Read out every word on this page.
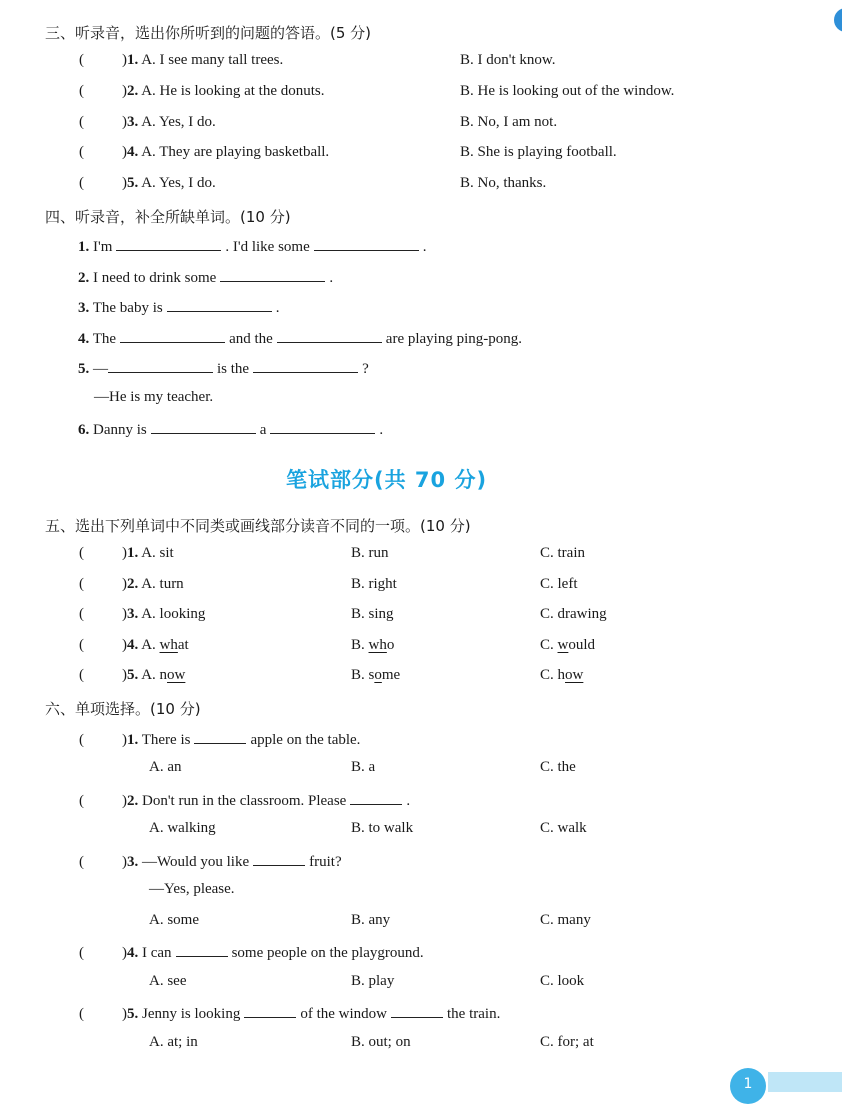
三、听录音，选出你所听到的问题的答语。(5 分)
(	)1. A. I see many tall trees.	B. I don't know.
(	)2. A. He is looking at the donuts.	B. He is looking out of the window.
(	)3. A. Yes, I do.	B. No, I am not.
(	)4. A. They are playing basketball.	B. She is playing football.
(	)5. A. Yes, I do.	B. No, thanks.
四、听录音，补全所缺单词。(10 分)
1. I'm	. I'd like some	.
2. I need to drink some	.
3. The baby is	.
4. The	and the	are playing ping-pong.
5. —	is the	?
—He is my teacher.
6. Danny is	a	.
笔试部分(共 70 分)
五、选出下列单词中不同类或画线部分读音不同的一项。(10 分)
(	)1. A. sit	B. run	C. train
(	)2. A. turn	B. right	C. left
(	)3. A. looking	B. sing	C. drawing
(	)4. A. what	B. who	C. would
(	)5. A. now	B. some	C. how
六、单项选择。(10 分)
(	)1. There is	apple on the table.
A. an	B. a	C. the
(	)2. Don't run in the classroom. Please	.
A. walking	B. to walk	C. walk
(	)3. —Would you like	fruit?
—Yes, please.
A. some	B. any	C. many
(	)4. I can	some people on the playground.
A. see	B. play	C. look
(	)5. Jenny is looking	of the window	the train.
A. at; in	B. out; on	C. for; at
1
